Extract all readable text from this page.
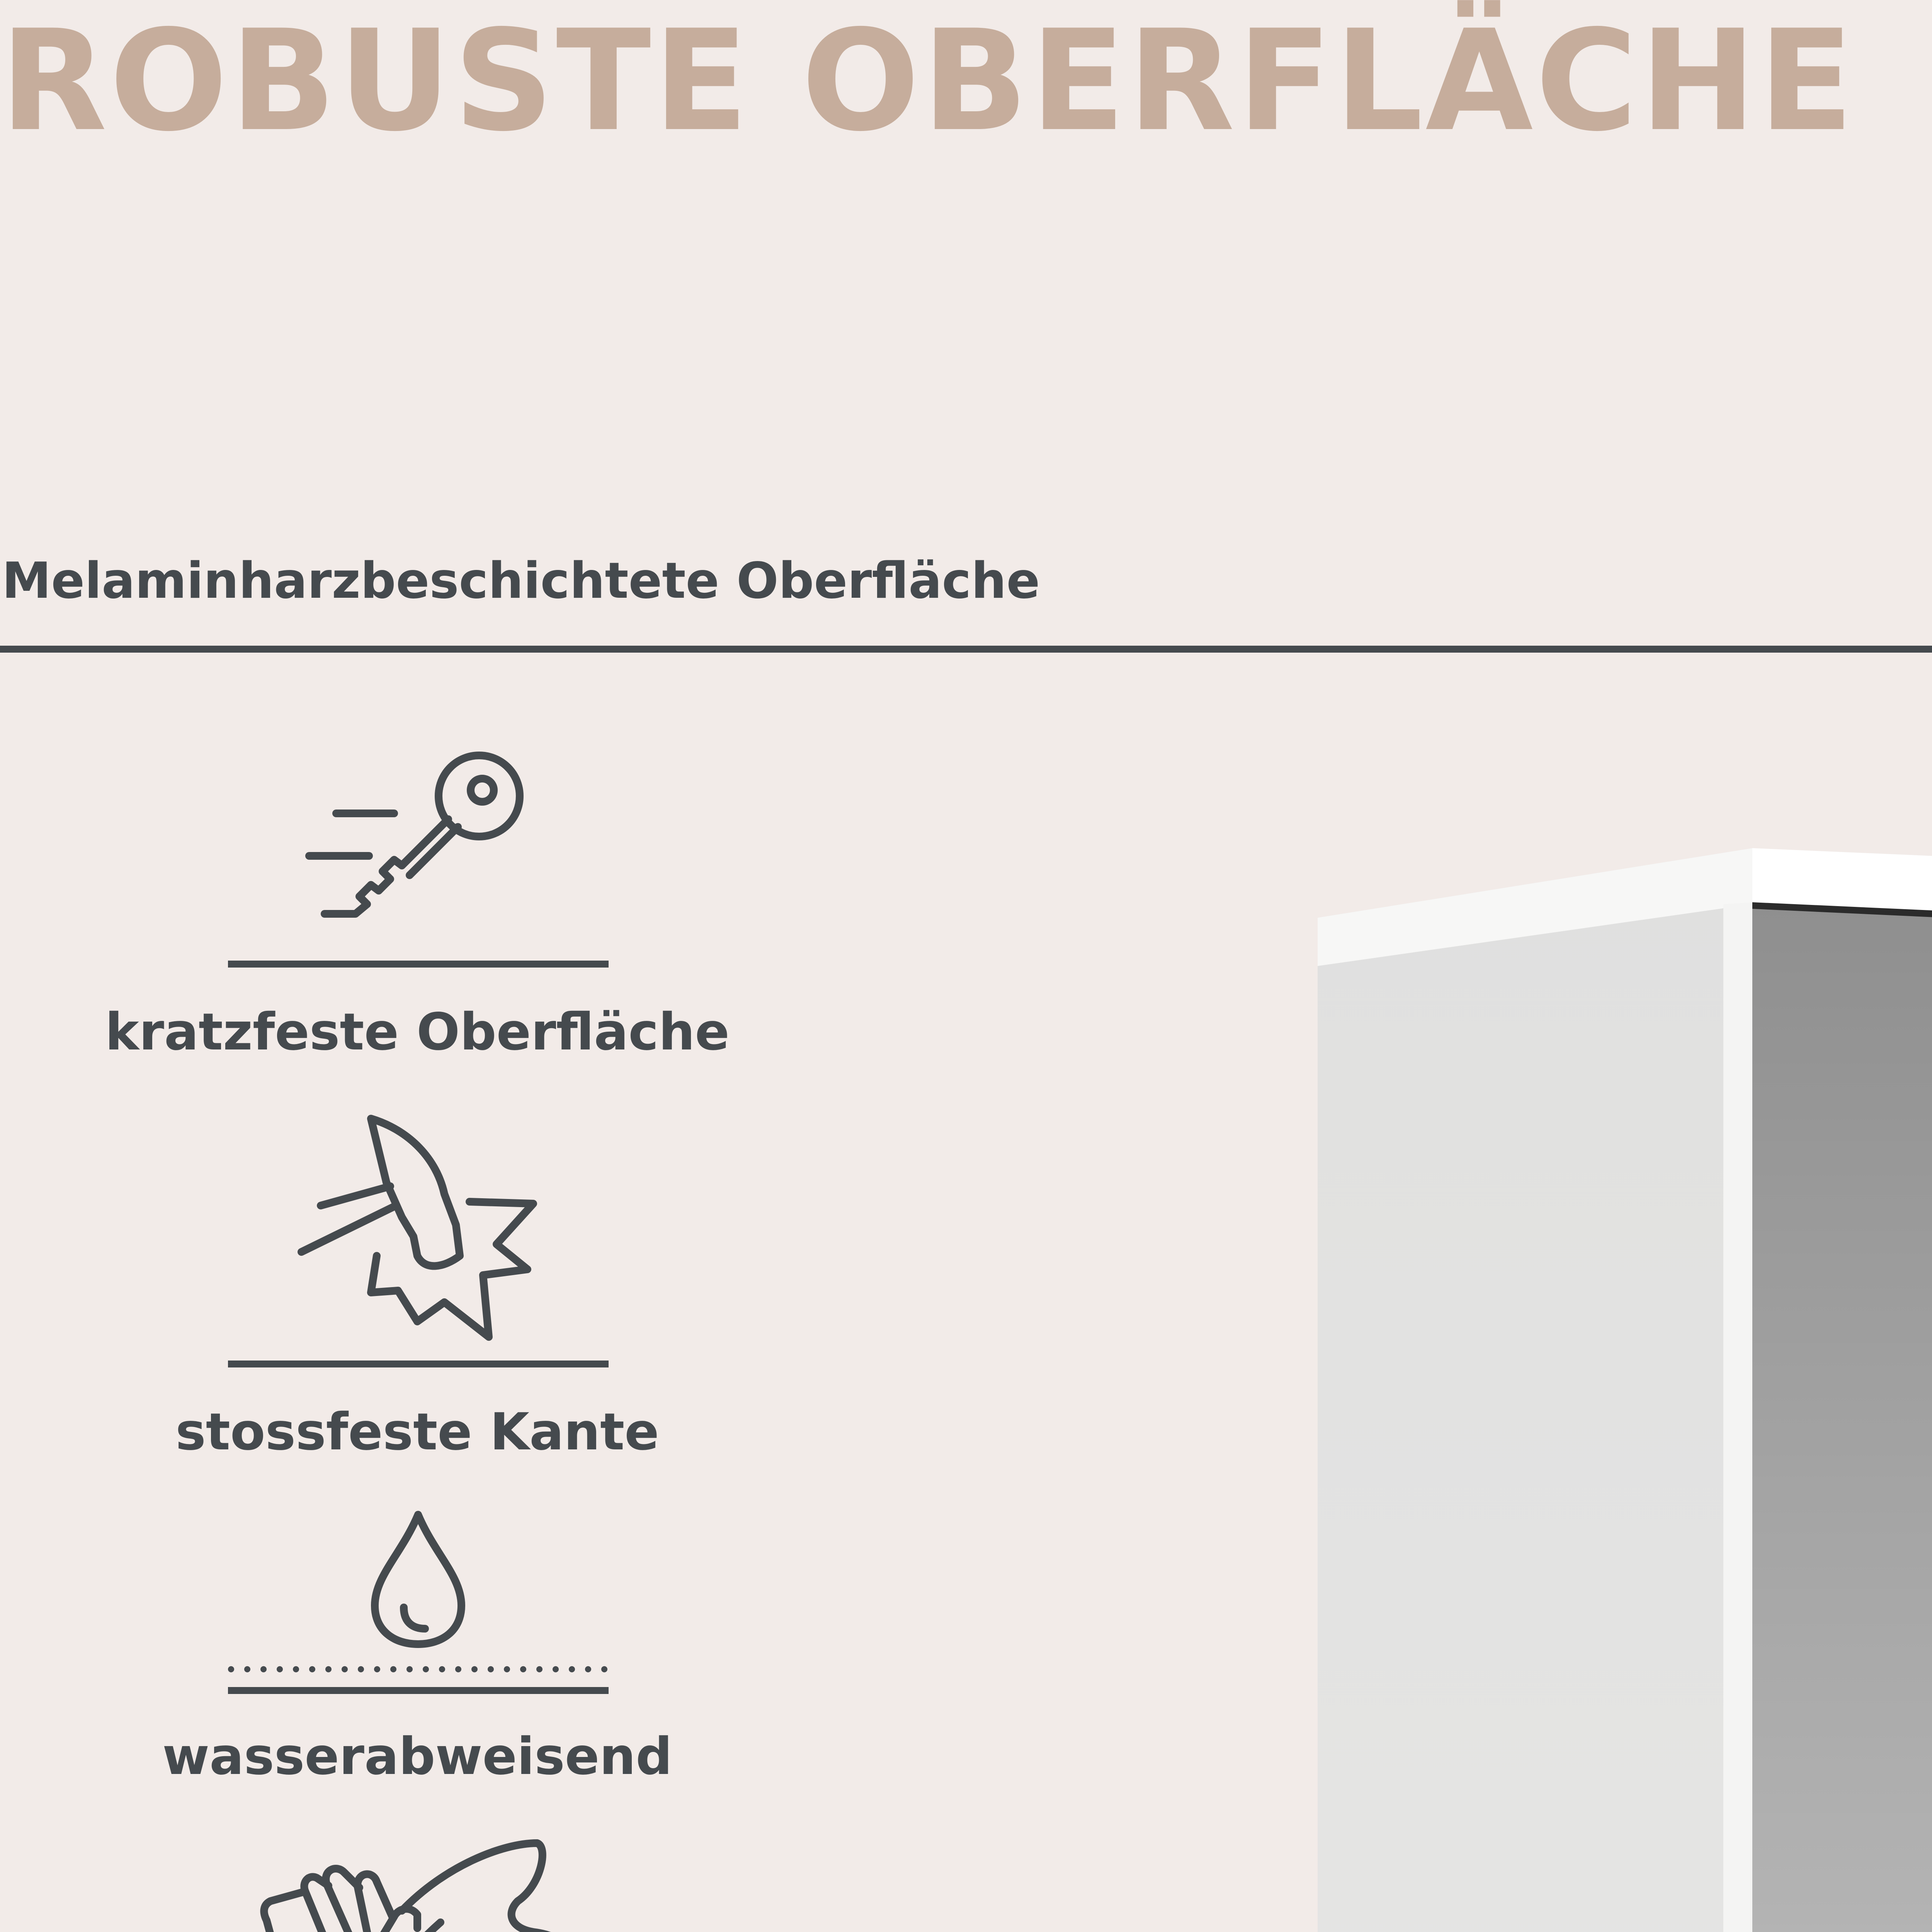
ROBUSTE OBERFLÄCHE
Melaminharzbeschichtete Oberfläche
kratzfeste Oberfläche
stossfeste Kante
wasserabweisend
